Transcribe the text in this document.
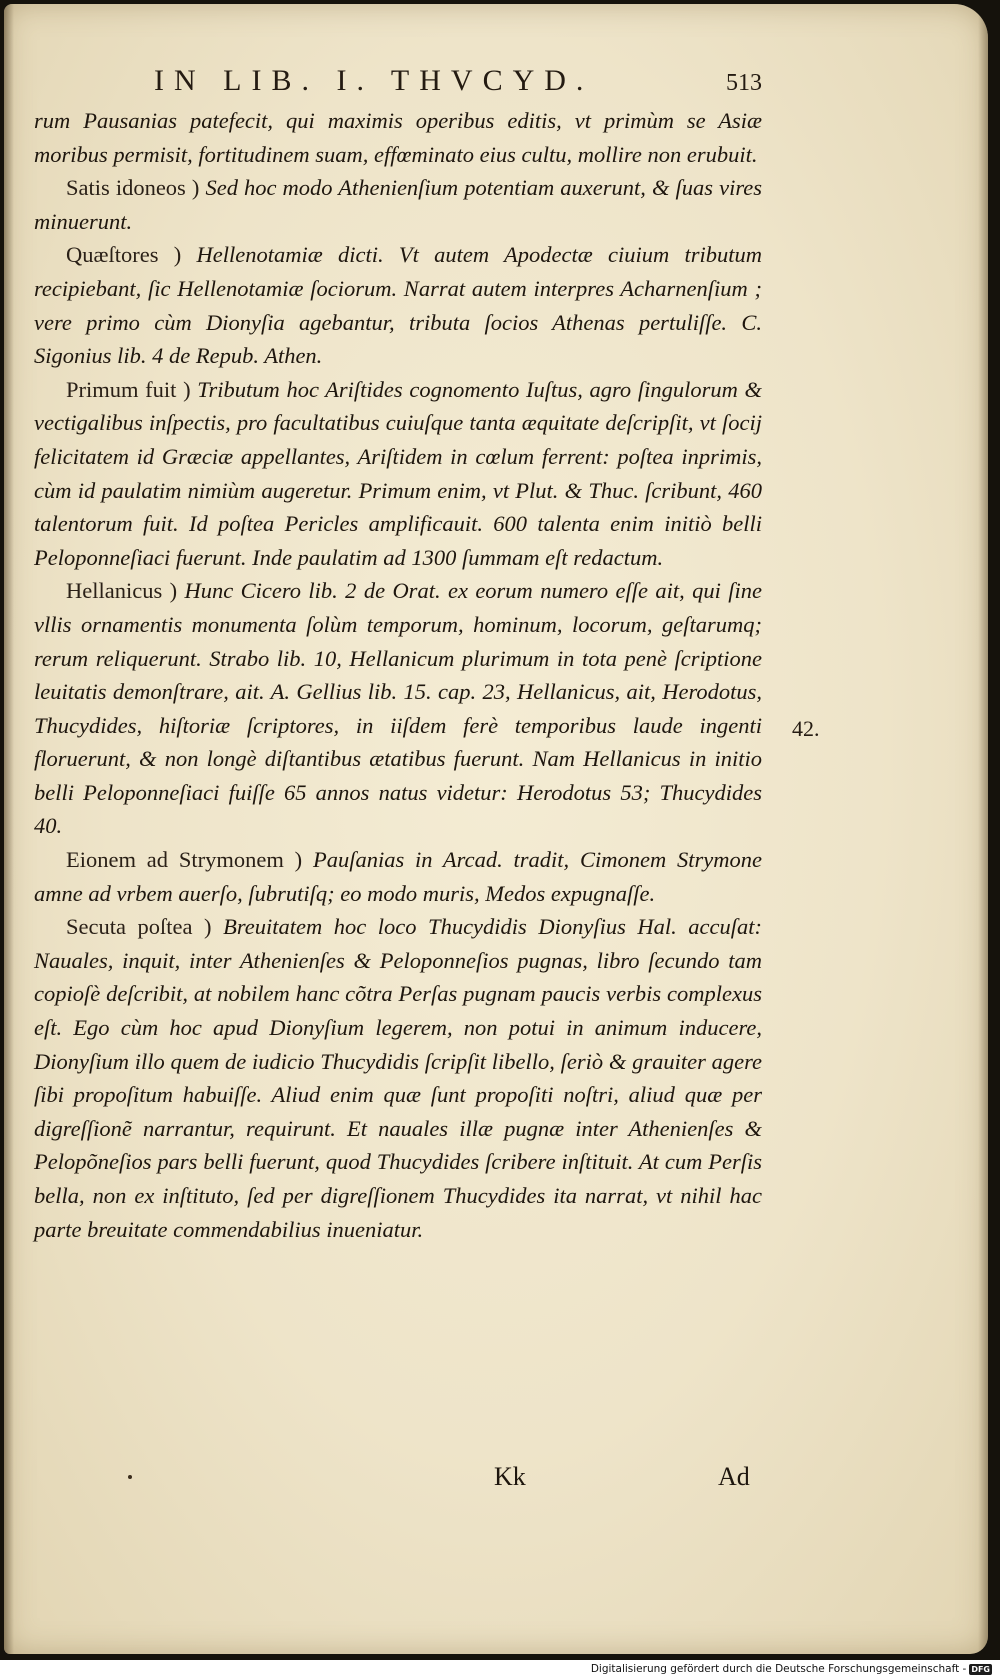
IN LIB. I. THVCYD.	513

rum Pausanias patefecit, qui maximis operibus editis, vt primùm se Asiæ moribus permisit, fortitudinem suam, effœminato eius cultu, mollire non erubuit.

Satis idoneos ) Sed hoc modo Athenienſium potentiam auxerunt, & ſuas vires minuerunt.

Quæſtores ) Hellenotamiæ dicti. Vt autem Apodectæ ciuium tributum recipiebant, ſic Hellenotamiæ ſociorum. Narrat autem interpres Acharnenſium ; vere primo cùm Dionyſia agebantur, tributa ſocios Athenas pertuliſſe. C. Sigonius lib. 4 de Repub. Athen.

Primum fuit ) Tributum hoc Ariſtides cognomento Iuſtus, agro ſingulorum & vectigalibus inſpectis, pro facultatibus cuiuſque tanta æquitate deſcripſit, vt ſocij felicitatem id Græciæ appellantes, Ariſtidem in cœlum ferrent: poſtea inprimis, cùm id paulatim nimiùm augeretur. Primum enim, vt Plut. & Thuc. ſcribunt, 460 talentorum fuit. Id poſtea Pericles amplificauit. 600 talenta enim initiò belli Peloponneſiaci fuerunt. Inde paulatim ad 1300 ſummam eſt redactum.

Hellanicus ) Hunc Cicero lib. 2 de Orat. ex eorum numero eſſe ait, qui ſine vllis ornamentis monumenta ſolùm temporum, hominum, locorum, geſtarumq; rerum reliquerunt. Strabo lib. 10, Hellanicum plurimum in tota penè ſcriptione leuitatis demonſtrare, ait. A. Gellius lib. 15. cap. 23, Hellanicus, ait, Herodotus, Thucydides, hiſtoriæ ſcriptores, in iiſdem ferè temporibus laude ingenti floruerunt, & non longè diſtantibus ætatibus fuerunt. Nam Hellanicus in initio belli Peloponneſiaci fuiſſe 65 annos natus videtur: Herodotus 53; Thucydides 40.

Eionem ad Strymonem ) Pauſanias in Arcad. tradit, Cimonem Strymone amne ad vrbem auerſo, ſubrutiſq; eo modo muris, Medos expugnaſſe.

Secuta poſtea ) Breuitatem hoc loco Thucydidis Dionyſius Hal. accuſat: Nauales, inquit, inter Athenienſes & Peloponneſios pugnas, libro ſecundo tam copioſè deſcribit, at nobilem hanc cõtra Perſas pugnam paucis verbis complexus eſt. Ego cùm hoc apud Dionyſium legerem, non potui in animum inducere, Dionyſium illo quem de iudicio Thucydidis ſcripſit libello, ſeriò & grauiter agere ſibi propoſitum habuiſſe. Aliud enim quæ ſunt propoſiti noſtri, aliud quæ per digreſſionẽ narrantur, requirunt. Et nauales illæ pugnæ inter Athenienſes & Pelopõneſios pars belli fuerunt, quod Thucydides ſcribere inſtituit. At cum Perſis bella, non ex inſtituto, ſed per digreſſionem Thucydides ita narrat, vt nihil hac parte breuitate commendabilius inueniatur.

42.
Kk	Ad
Digitalisierung gefördert durch die Deutsche Forschungsgemeinschaft - DFG
